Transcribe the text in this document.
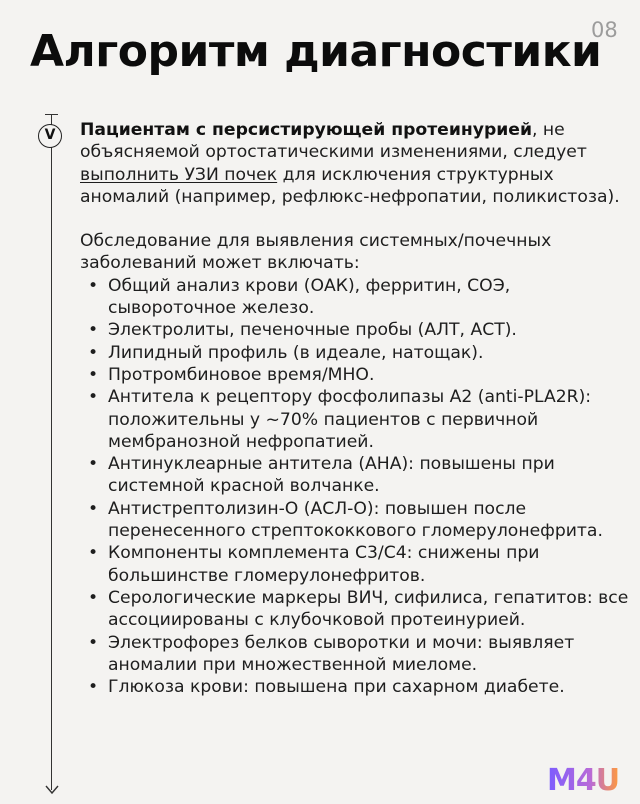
Алгоритм диагностики
08
V	Пациентам с персистирующей протеинурией, не объясняемой ортостатическими изменениями, следует выполнить УЗИ почек для исключения структурных аномалий (например, рефлюкс-нефропатии, поликистоза).

Обследование для выявления системных/почечных заболеваний может включать:

• Общий анализ крови (ОАК), ферритин, СОЭ, сывороточное железо.
• Электролиты, печеночные пробы (АЛТ, АСТ).
• Липидный профиль (в идеале, натощак).
• Протромбиновое время/МНО.
• Антитела к рецептору фосфолипазы A2 (anti-PLA2R): положительны у ~70% пациентов с первичной мембранозной нефропатией.
• Антинуклеарные антитела (АНА): повышены при системной красной волчанке.
• Антистрептолизин-О (АСЛ-О): повышен после перенесенного стрептококкового гломерулонефрита.
• Компоненты комплемента C3/C4: снижены при большинстве гломерулонефритов.
• Серологические маркеры ВИЧ, сифилиса, гепатитов: все ассоциированы с клубочковой протеинурией.
• Электрофорез белков сыворотки и мочи: выявляет аномалии при множественной миеломе.
• Глюкоза крови: повышена при сахарном диабете.
M4U
